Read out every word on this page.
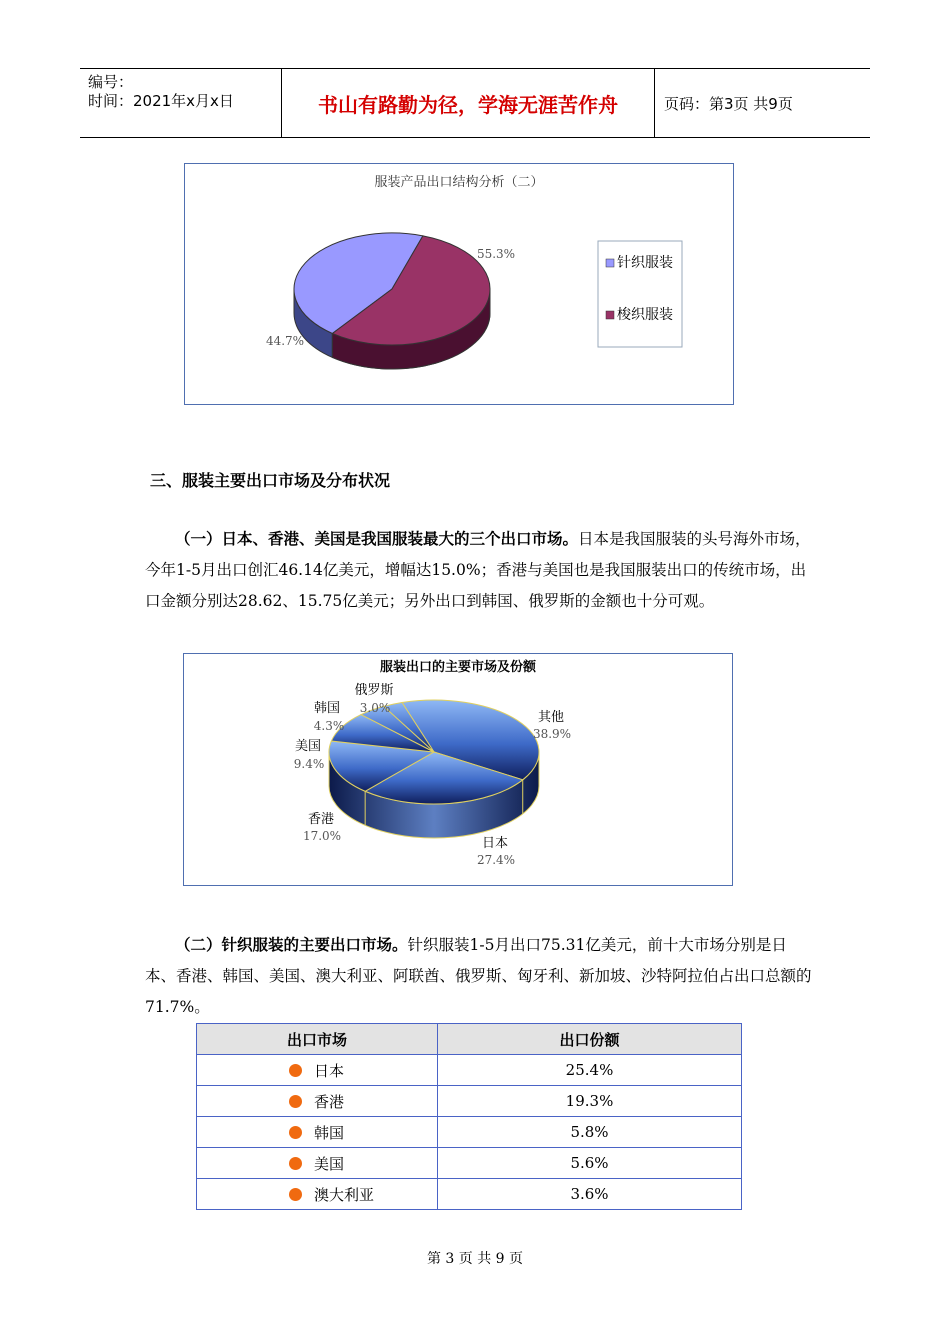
编号：
时间：2021年x月x日	书山有路勤为径，学海无涯苦作舟	页码：第3页 共9页
服装产品出口结构分析（二）
44.7%
55.3%
针织服装
梭织服装
三、服装主要出口市场及分布状况
（一）日本、香港、美国是我国服装最大的三个出口市场。日本是我国服装的头号海外市场，今年1-5月出口创汇46.14亿美元，增幅达15.0%；香港与美国也是我国服装出口的传统市场，出口金额分别达28.62、15.75亿美元；另外出口到韩国、俄罗斯的金额也十分可观。
服装出口的主要市场及份额
其他
38.9%
日本
27.4%
香港
17.0%
美国
9.4%
韩国
4.3%
俄罗斯
3.0%
（二）针织服装的主要出口市场。针织服装1-5月出口75.31亿美元，前十大市场分别是日本、香港、韩国、美国、澳大利亚、阿联酋、俄罗斯、匈牙利、新加坡、沙特阿拉伯占出口总额的71.7%。
出口市场	出口份额
日本	25.4%
香港	19.3%
韩国	5.8%
美国	5.6%
澳大利亚	3.6%
第 3 页 共 9 页
